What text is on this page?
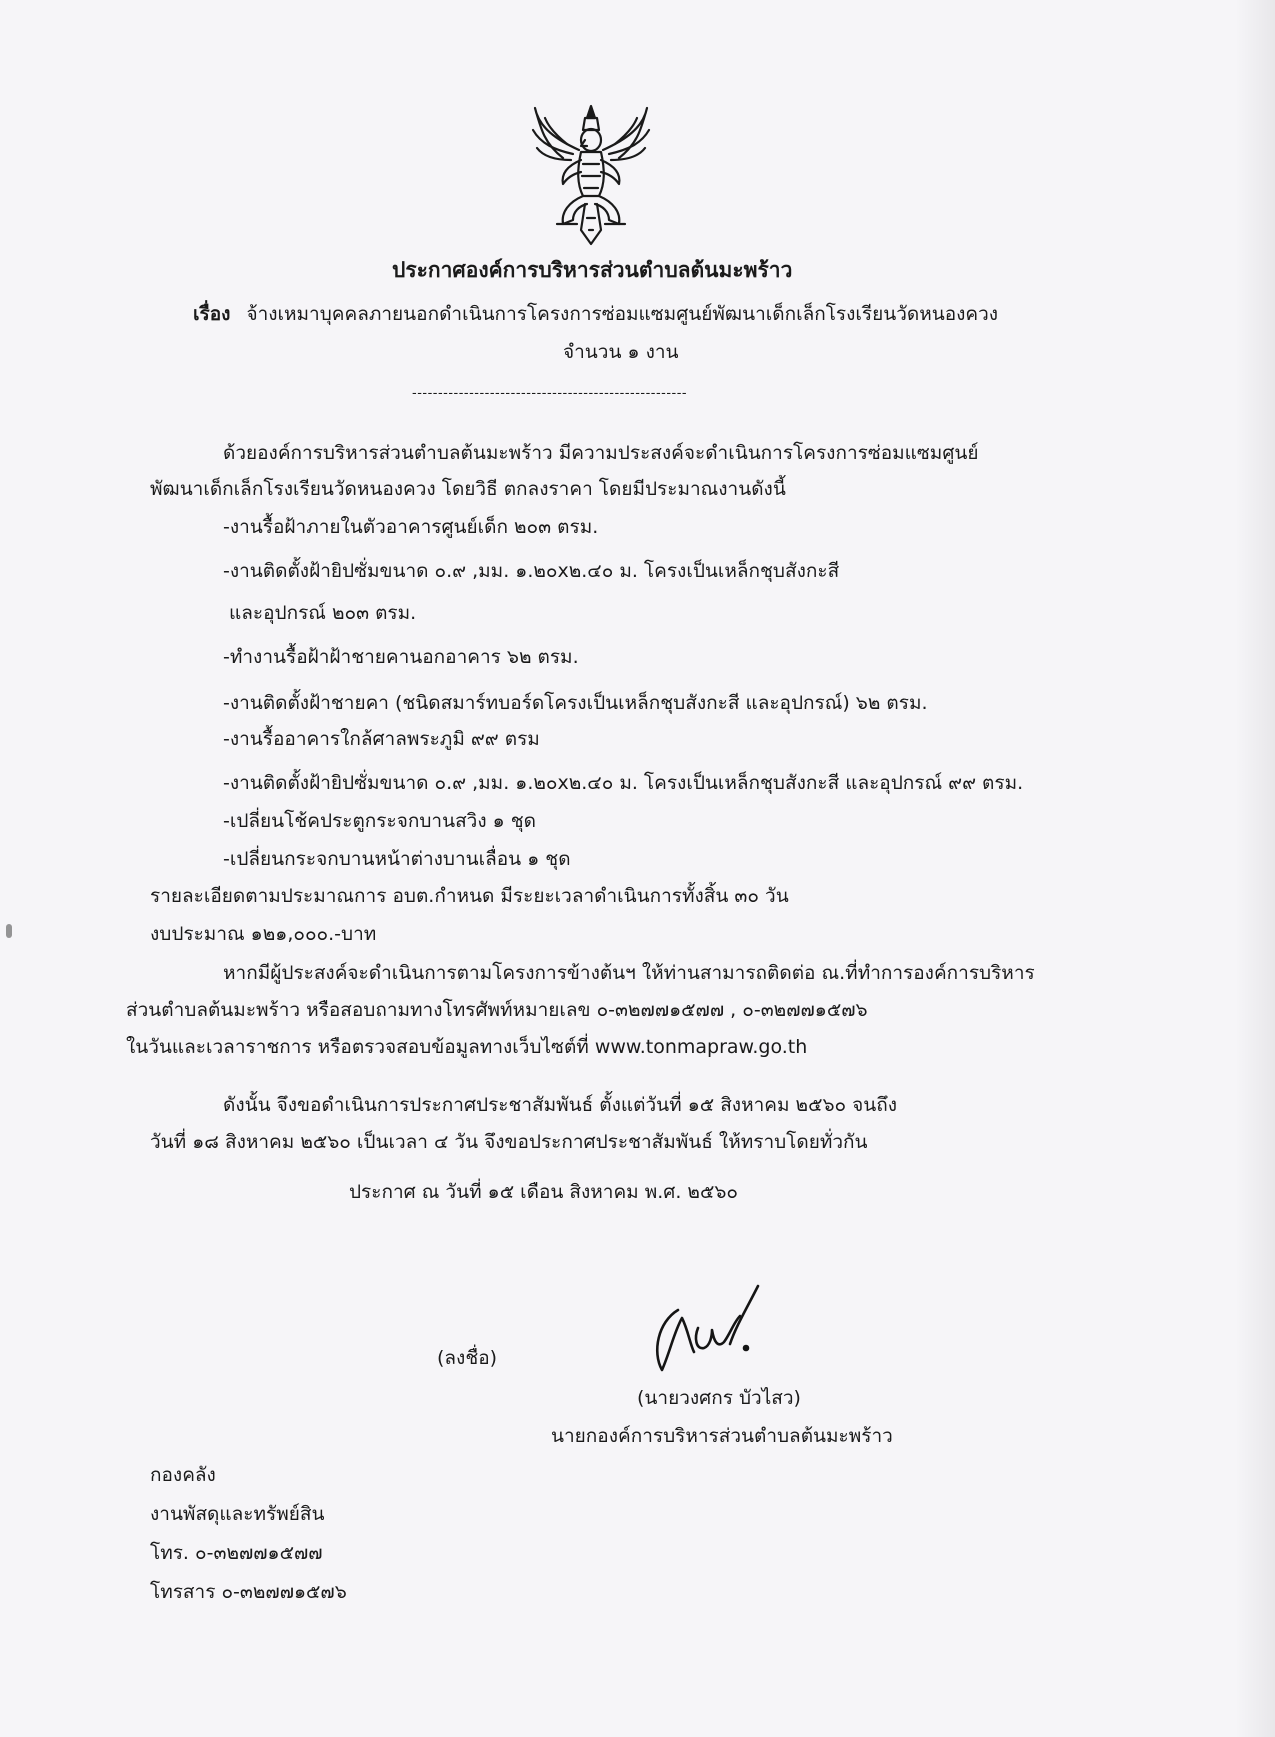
ประกาศองค์การบริหารส่วนตำบลต้นมะพร้าว
เรื่อง จ้างเหมาบุคคลภายนอกดำเนินการโครงการซ่อมแซมศูนย์พัฒนาเด็กเล็กโรงเรียนวัดหนองควง
จำนวน ๑ งาน
-----------------------------------------------------
ด้วยองค์การบริหารส่วนตำบลต้นมะพร้าว มีความประสงค์จะดำเนินการโครงการซ่อมแซมศูนย์
พัฒนาเด็กเล็กโรงเรียนวัดหนองควง โดยวิธี ตกลงราคา โดยมีประมาณงานดังนี้
-งานรื้อฝ้าภายในตัวอาคารศูนย์เด็ก ๒๐๓ ตรม.
-งานติดตั้งฝ้ายิปซั่มขนาด ๐.๙ ,มม. ๑.๒๐x๒.๔๐ ม. โครงเป็นเหล็กชุบสังกะสี
และอุปกรณ์ ๒๐๓ ตรม.
-ทำงานรื้อฝ้าฝ้าชายคานอกอาคาร ๖๒ ตรม.
-งานติดตั้งฝ้าชายคา (ชนิดสมาร์ทบอร์ดโครงเป็นเหล็กชุบสังกะสี และอุปกรณ์) ๖๒ ตรม.
-งานรื้ออาคารใกล้ศาลพระภูมิ ๙๙ ตรม
-งานติดตั้งฝ้ายิปซั่มขนาด ๐.๙ ,มม. ๑.๒๐x๒.๔๐ ม. โครงเป็นเหล็กชุบสังกะสี และอุปกรณ์ ๙๙ ตรม.
-เปลี่ยนโช้คประตูกระจกบานสวิง ๑ ชุด
-เปลี่ยนกระจกบานหน้าต่างบานเลื่อน ๑ ชุด
รายละเอียดตามประมาณการ อบต.กำหนด มีระยะเวลาดำเนินการทั้งสิ้น ๓๐ วัน
งบประมาณ ๑๒๑,๐๐๐.-บาท
หากมีผู้ประสงค์จะดำเนินการตามโครงการข้างต้นฯ ให้ท่านสามารถติดต่อ ณ.ที่ทำการองค์การบริหาร
ส่วนตำบลต้นมะพร้าว หรือสอบถามทางโทรศัพท์หมายเลข ๐-๓๒๗๗๑๕๗๗ , ๐-๓๒๗๗๑๕๗๖
ในวันและเวลาราชการ หรือตรวจสอบข้อมูลทางเว็บไซต์ที่ www.tonmapraw.go.th
ดังนั้น จึงขอดำเนินการประกาศประชาสัมพันธ์ ตั้งแต่วันที่ ๑๕ สิงหาคม ๒๕๖๐ จนถึง
วันที่ ๑๘ สิงหาคม ๒๕๖๐ เป็นเวลา ๔ วัน จึงขอประกาศประชาสัมพันธ์ ให้ทราบโดยทั่วกัน
ประกาศ ณ วันที่ ๑๕ เดือน สิงหาคม พ.ศ. ๒๕๖๐
(ลงชื่อ)
(นายวงศกร บัวไสว)
นายกองค์การบริหารส่วนตำบลต้นมะพร้าว
กองคลัง
งานพัสดุและทรัพย์สิน
โทร. ๐-๓๒๗๗๑๕๗๗
โทรสาร ๐-๓๒๗๗๑๕๗๖
